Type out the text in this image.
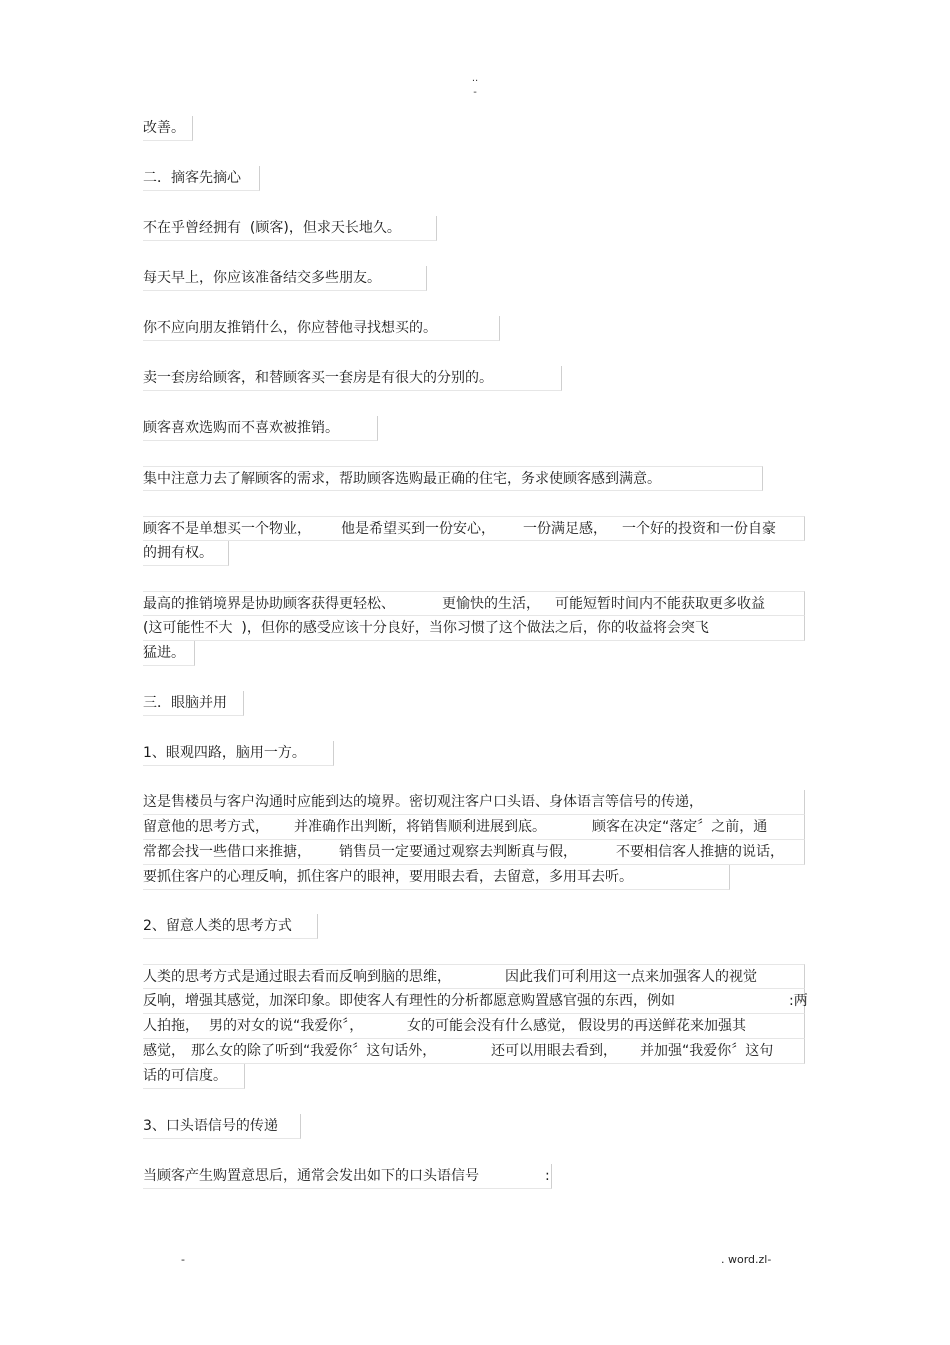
..
-
改善。
二．摘客先摘心
不在乎曾经拥有  (顾客)，但求天长地久。
每天早上，你应该准备结交多些朋友。
你不应向朋友推销什么，你应替他寻找想买的。
卖一套房给顾客，和替顾客买一套房是有很大的分别的。
顾客喜欢选购而不喜欢被推销。
集中注意力去了解顾客的需求，帮助顾客选购最正确的住宅，务求使顾客感到满意。

顾客不是单想买一个物业，

他是希望买到一份安心，

一份满足感，

一个好的投资和一份自豪

的拥有权。

最高的推销境界是协助顾客获得更轻松、

	更愉快的生活，

可能短暂时间内不能获取更多收益

(这可能性不大  )，但你的感受应该十分良好，当你习惯了这个做法之后，你的收益将会突飞
猛进。
三．眼脑并用
1、眼观四路，脑用一方。
这是售楼员与客户沟通时应能到达的境界。密切观注客户口头语、身体语言等信号的传递，

留意他的思考方式，

并准确作出判断，将销售顺利进展到底。

	顾客在决定“落定〞之前，通

常都会找一些借口来推搪，

销售员一定要通过观察去判断真与假，

	不要相信客人推搪的说话，

要抓住客户的心理反响，抓住客户的眼神，要用眼去看，去留意，多用耳去听。
2、留意人类的思考方式

人类的思考方式是通过眼去看而反响到脑的思维，

	因此我们可利用这一点来加强客人的视觉

反响，增强其感觉，加深印象。即使客人有理性的分析都愿意购置感官强的东西，例如

	:两

人拍拖，

男的对女的说“我爱你〞，

	女的可能会没有什么感觉，

假设男的再送鲜花来加强其

感觉，

那么女的除了听到“我爱你〞这句话外，

	还可以用眼去看到，

并加强“我爱你〞这句

话的可信度。
3、口头语信号的传递

当顾客产生购置意思后，通常会发出如下的口头语信号

	:

-	. word.zl-
